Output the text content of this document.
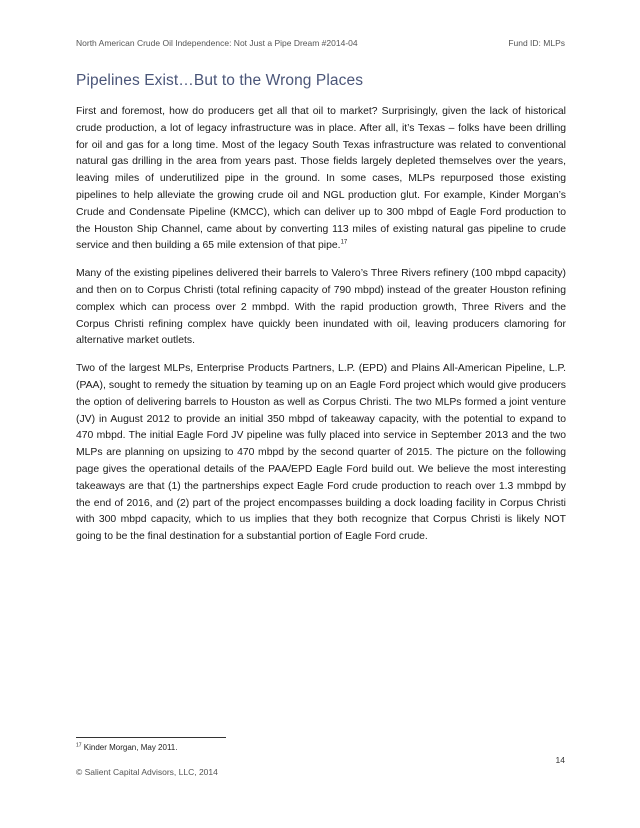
North American Crude Oil Independence: Not Just a Pipe Dream #2014-04	Fund ID: MLPs
Pipelines Exist…But to the Wrong Places

First and foremost, how do producers get all that oil to market? Surprisingly, given the lack of historical crude production, a lot of legacy infrastructure was in place. After all, it’s Texas – folks have been drilling for oil and gas for a long time. Most of the legacy South Texas infrastructure was related to conventional natural gas drilling in the area from years past. Those fields largely depleted themselves over the years, leaving miles of underutilized pipe in the ground. In some cases, MLPs repurposed those existing pipelines to help alleviate the growing crude oil and NGL production glut. For example, Kinder Morgan’s Crude and Condensate Pipeline (KMCC), which can deliver up to 300 mbpd of Eagle Ford production to the Houston Ship Channel, came about by converting 113 miles of existing natural gas pipeline to crude service and then building a 65 mile extension of that pipe.$^{17}$

Many of the existing pipelines delivered their barrels to Valero’s Three Rivers refinery (100 mbpd capacity) and then on to Corpus Christi (total refining capacity of 790 mbpd) instead of the greater Houston refining complex which can process over 2 mmbpd. With the rapid production growth, Three Rivers and the Corpus Christi refining complex have quickly been inundated with oil, leaving producers clamoring for alternative market outlets.

Two of the largest MLPs, Enterprise Products Partners, L.P. (EPD) and Plains All-American Pipeline, L.P. (PAA), sought to remedy the situation by teaming up on an Eagle Ford project which would give producers the option of delivering barrels to Houston as well as Corpus Christi. The two MLPs formed a joint venture (JV) in August 2012 to provide an initial 350 mbpd of takeaway capacity, with the potential to expand to 470 mbpd. The initial Eagle Ford JV pipeline was fully placed into service in September 2013 and the two MLPs are planning on upsizing to 470 mbpd by the second quarter of 2015. The picture on the following page gives the operational details of the PAA/EPD Eagle Ford build out. We believe the most interesting takeaways are that (1) the partnerships expect Eagle Ford crude production to reach over 1.3 mmbpd by the end of 2016, and (2) part of the project encompasses building a dock loading facility in Corpus Christi with 300 mbpd capacity, which to us implies that they both recognize that Corpus Christi is likely NOT going to be the final destination for a substantial portion of Eagle Ford crude.

$^{17}$ Kinder Morgan, May 2011.
14
© Salient Capital Advisors, LLC, 2014
